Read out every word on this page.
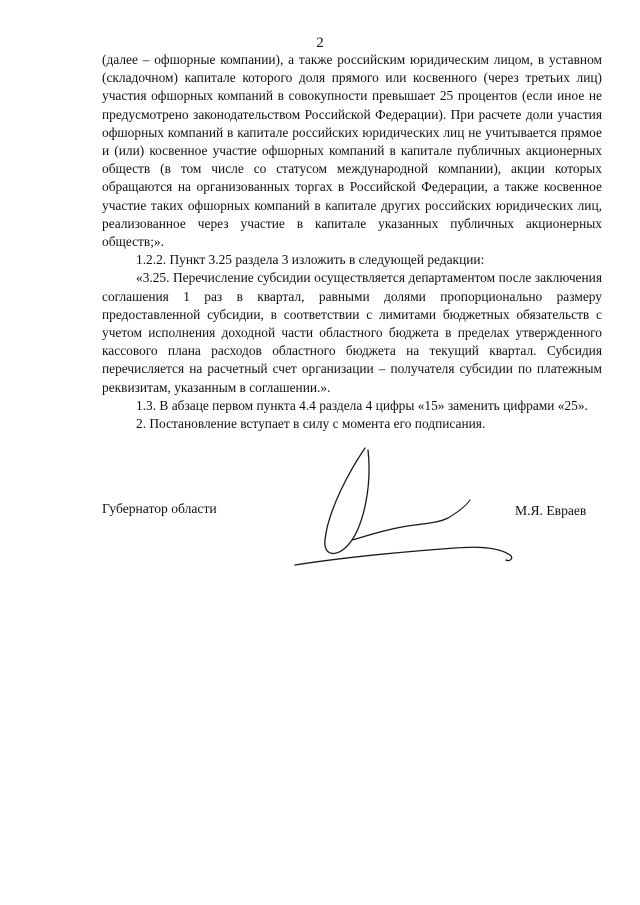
2

(далее – офшорные компании), а также российским юридическим лицом, в уставном (складочном) капитале которого доля прямого или косвенного (через третьих лиц) участия офшорных компаний в совокупности превышает 25 процентов (если иное не предусмотрено законодательством Российской Федерации). При расчете доли участия офшорных компаний в капитале российских юридических лиц не учитывается прямое и (или) косвенное участие офшорных компаний в капитале публичных акционерных обществ (в том числе со статусом международной компании), акции которых обращаются на организованных торгах в Российской Федерации, а также косвенное участие таких офшорных компаний в капитале других российских юридических лиц, реализованное через участие в капитале указанных публичных акционерных обществ;».

1.2.2. Пункт 3.25 раздела 3 изложить в следующей редакции:

«3.25. Перечисление субсидии осуществляется департаментом после заключения соглашения 1 раз в квартал, равными долями пропорционально размеру предоставленной субсидии, в соответствии с лимитами бюджетных обязательств с учетом исполнения доходной части областного бюджета в пределах утвержденного кассового плана расходов областного бюджета на текущий квартал. Субсидия перечисляется на расчетный счет организации – получателя субсидии по платежным реквизитам, указанным в соглашении.».

1.3. В абзаце первом пункта 4.4 раздела 4 цифры «15» заменить цифрами «25».

2. Постановление вступает в силу с момента его подписания.

Губернатор области	М.Я. Евраев
